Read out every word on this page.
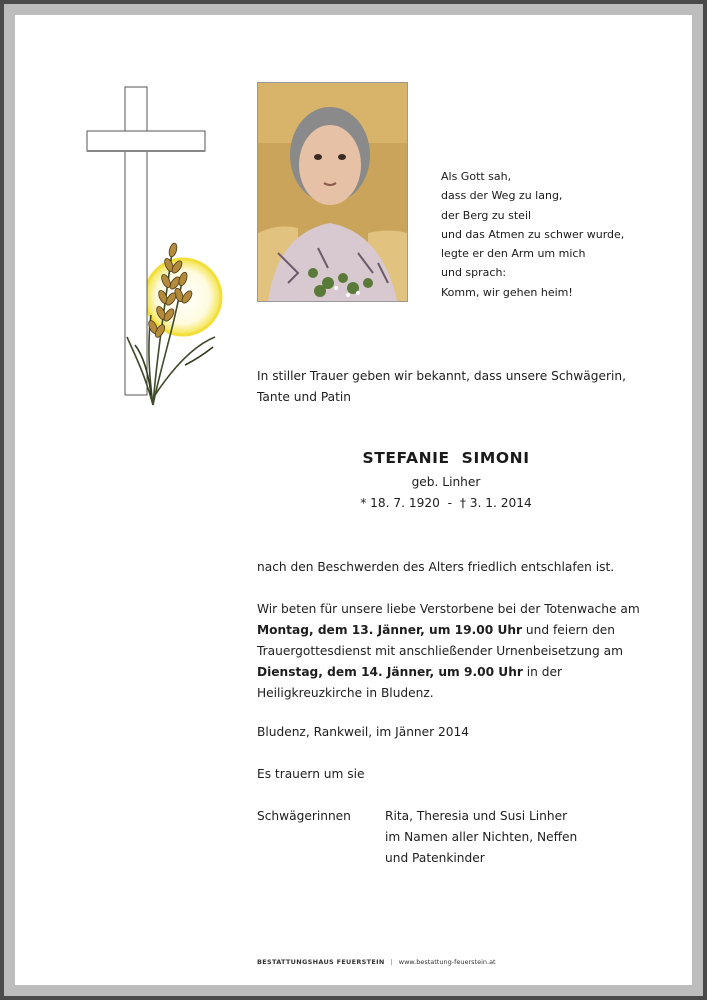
Als Gott sah,
dass der Weg zu lang,
der Berg zu steil
und das Atmen zu schwer wurde,
legte er den Arm um mich
und sprach:
Komm, wir gehen heim!
In stiller Trauer geben wir bekannt, dass unsere Schwägerin, Tante und Patin
STEFANIE  SIMONI
geb. Linher
* 18. 7. 1920  -  † 3. 1. 2014
nach den Beschwerden des Alters friedlich entschlafen ist.
Wir beten für unsere liebe Verstorbene bei der Totenwache am Montag, dem 13. Jänner, um 19.00 Uhr und feiern den Trauergottesdienst mit anschließender Urnenbeisetzung am Dienstag, dem 14. Jänner, um 9.00 Uhr in der Heiligkreuzkirche in Bludenz.
Bludenz, Rankweil, im Jänner 2014
Es trauern um sie
Schwägerinnen	Rita, Theresia und Susi Linher
im Namen aller Nichten, Neffen
und Patenkinder
BESTATTUNGSHAUS FEUERSTEIN | www.bestattung-feuerstein.at
